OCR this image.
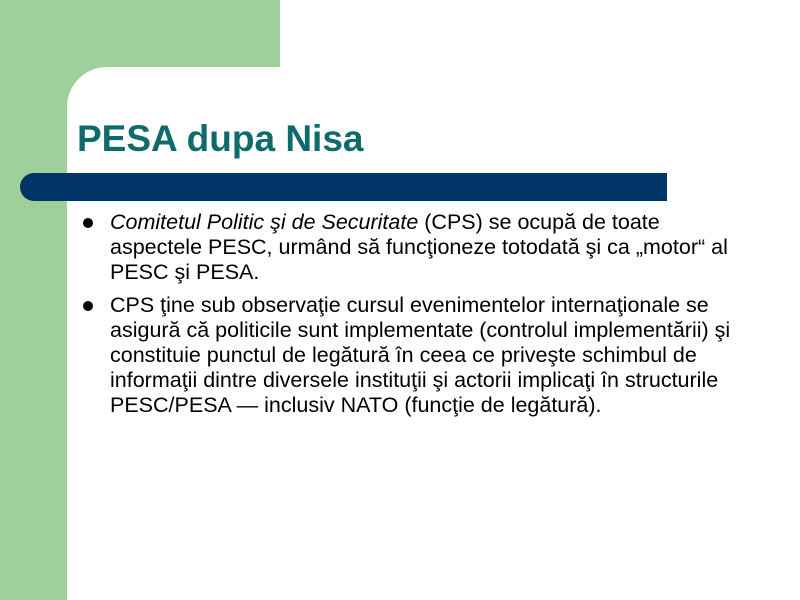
PESA dupa Nisa
Comitetul Politic şi de Securitate (CPS) se ocupă de toate aspectele PESC, urmând să funcţioneze totodată şi ca „motor“ al PESC şi PESA.
CPS ţine sub observaţie cursul evenimentelor internaţionale se asigură că politicile sunt implementate (controlul implementării) şi constituie punctul de legătură în ceea ce priveşte schimbul de informaţii dintre diversele instituţii şi actorii implicaţi în structurile PESC/PESA — inclusiv NATO (funcţie de legătură).
